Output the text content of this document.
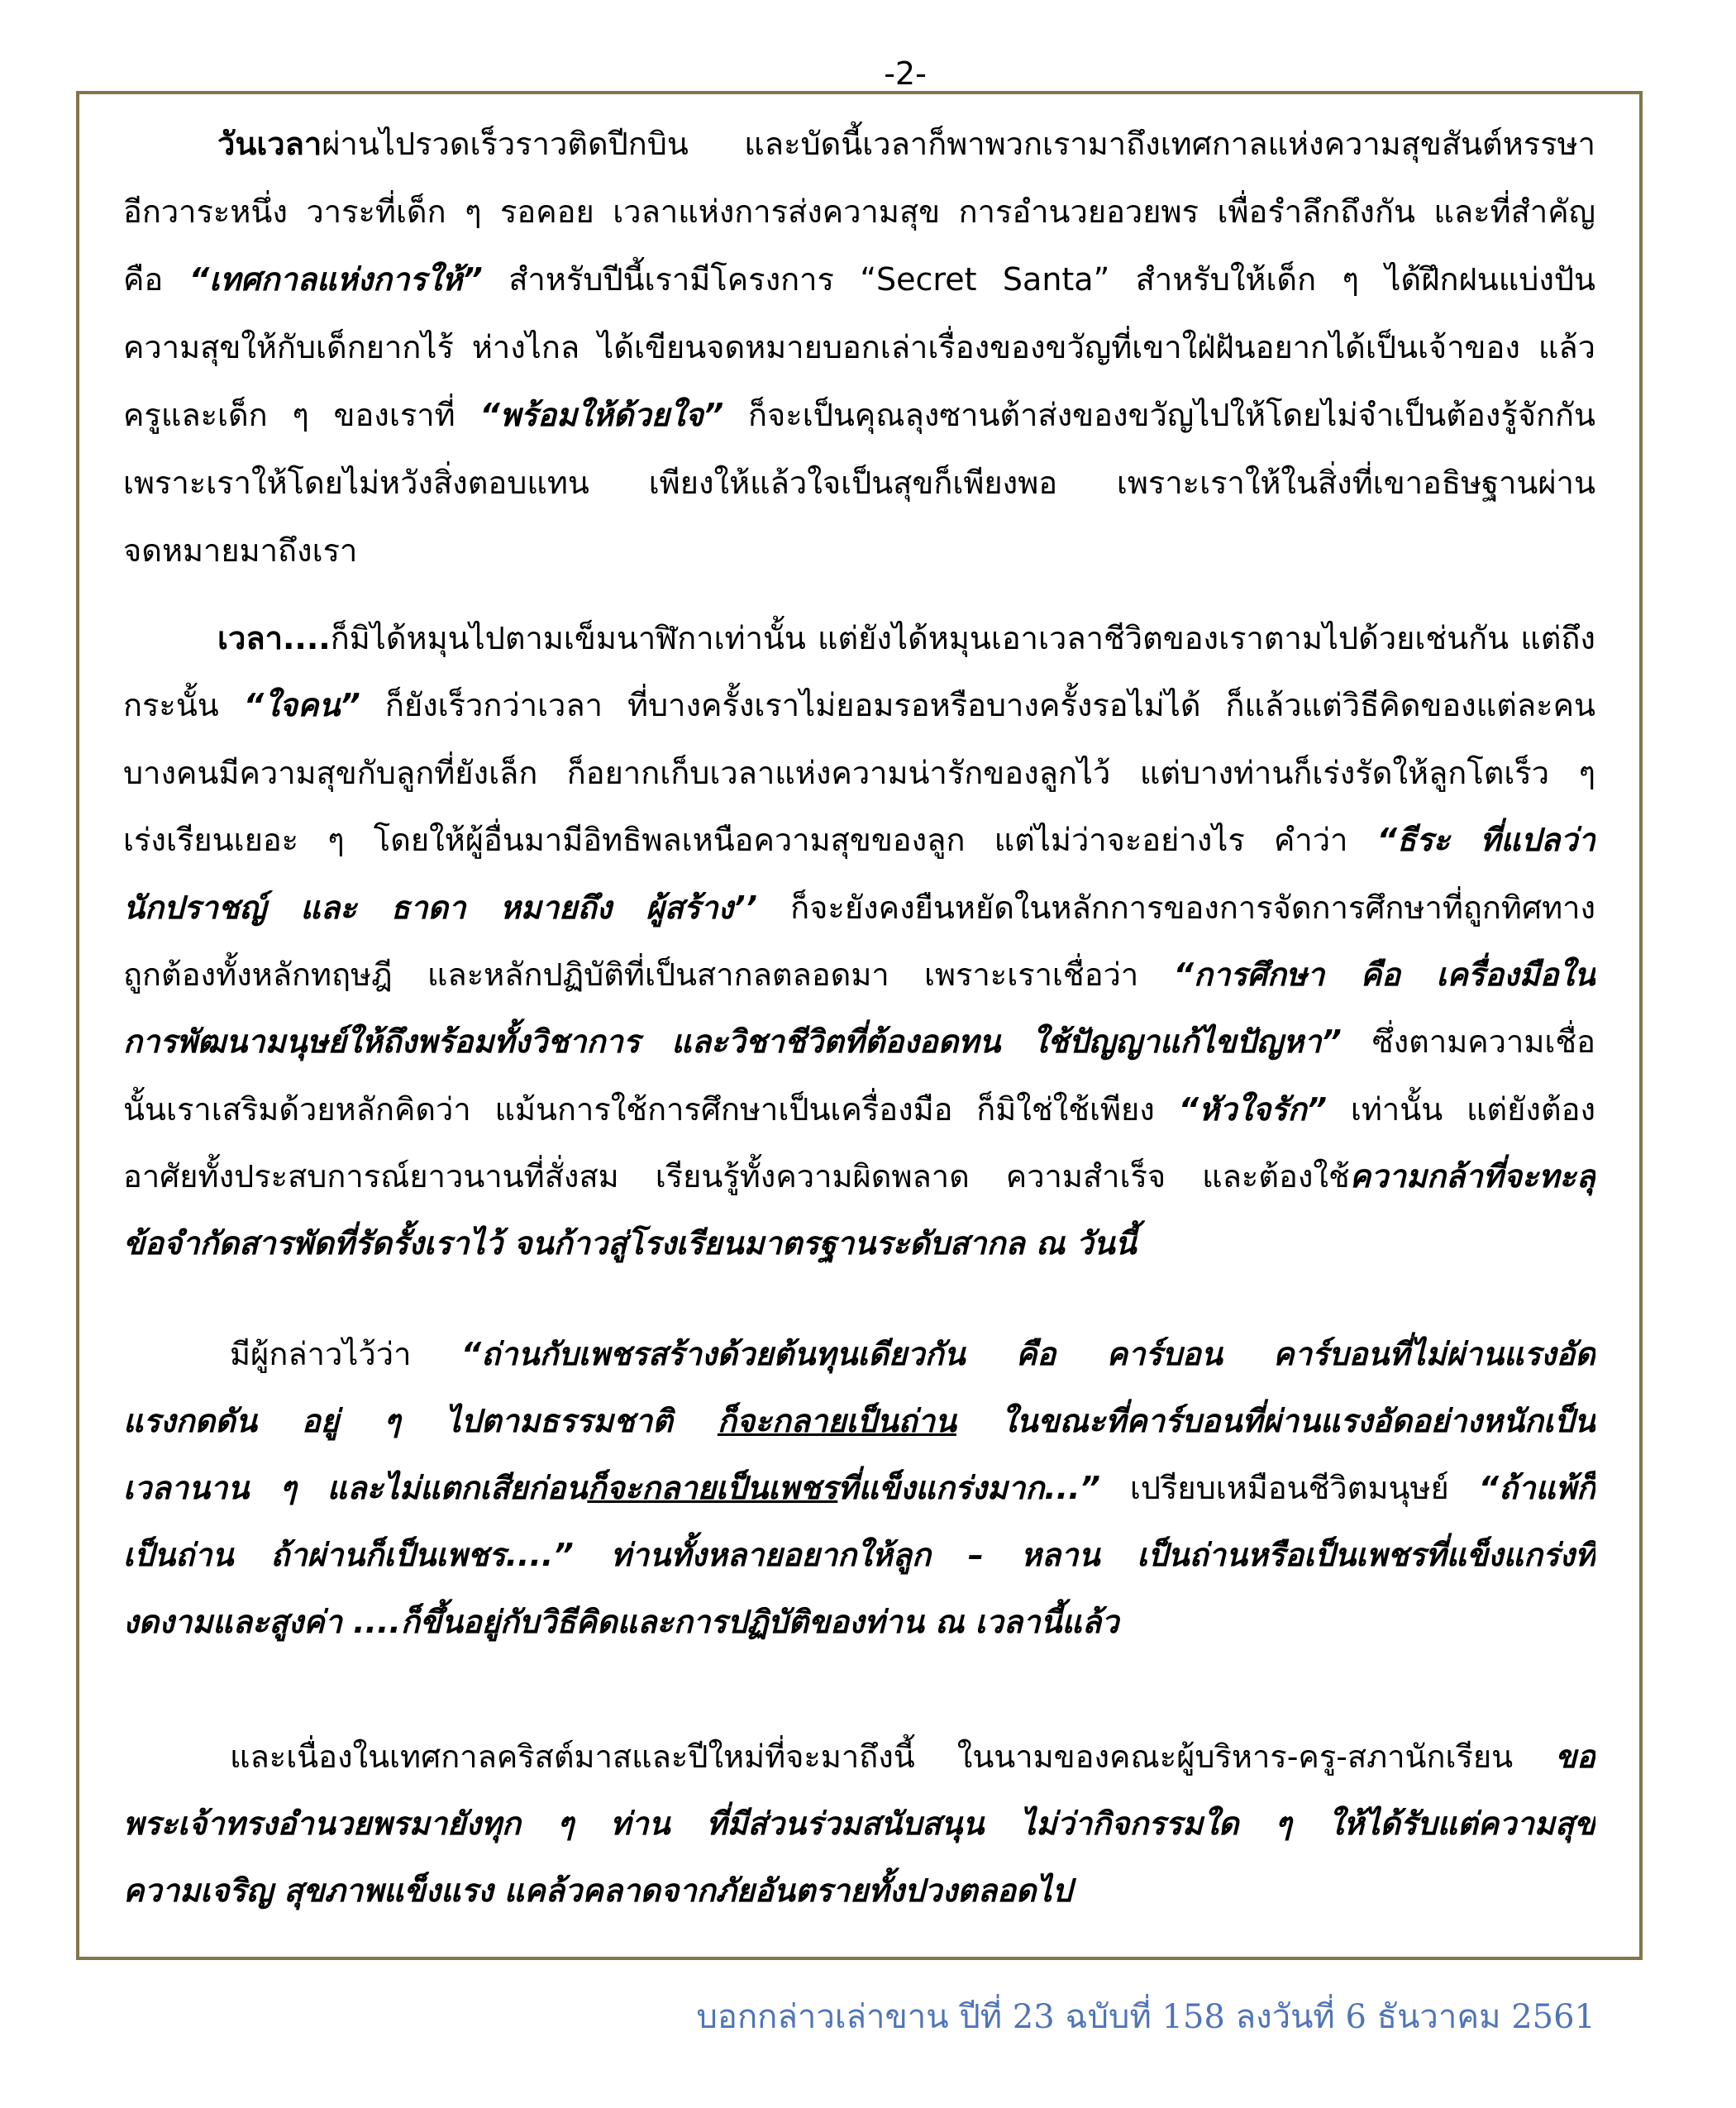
-2-
วันเวลาผ่านไปรวดเร็วราวติดปีกบิน และบัดนี้เวลาก็พาพวกเรามาถึงเทศกาลแห่งความสุขสันต์หรรษา
อีกวาระหนึ่ง วาระที่เด็ก ๆ รอคอย เวลาแห่งการส่งความสุข การอำนวยอวยพร เพื่อรำลึกถึงกัน และที่สำคัญ
คือ “เทศกาลแห่งการให้” สำหรับปีนี้เรามีโครงการ “Secret Santa” สำหรับให้เด็ก ๆ ได้ฝึกฝนแบ่งปัน
ความสุขให้กับเด็กยากไร้ ห่างไกล ได้เขียนจดหมายบอกเล่าเรื่องของขวัญที่เขาใฝ่ฝันอยากได้เป็นเจ้าของ แล้ว
ครูและเด็ก ๆ ของเราที่ “พร้อมให้ด้วยใจ” ก็จะเป็นคุณลุงซานต้าส่งของขวัญไปให้โดยไม่จำเป็นต้องรู้จักกัน
เพราะเราให้โดยไม่หวังสิ่งตอบแทน เพียงให้แล้วใจเป็นสุขก็เพียงพอ เพราะเราให้ในสิ่งที่เขาอธิษฐานผ่าน
จดหมายมาถึงเรา
เวลา....ก็มิได้หมุนไปตามเข็มนาฬิกาเท่านั้น แต่ยังได้หมุนเอาเวลาชีวิตของเราตามไปด้วยเช่นกัน แต่ถึง
กระนั้น “ใจคน” ก็ยังเร็วกว่าเวลา ที่บางครั้งเราไม่ยอมรอหรือบางครั้งรอไม่ได้ ก็แล้วแต่วิธีคิดของแต่ละคน
บางคนมีความสุขกับลูกที่ยังเล็ก ก็อยากเก็บเวลาแห่งความน่ารักของลูกไว้ แต่บางท่านก็เร่งรัดให้ลูกโตเร็ว ๆ
เร่งเรียนเยอะ ๆ โดยให้ผู้อื่นมามีอิทธิพลเหนือความสุขของลูก แต่ไม่ว่าจะอย่างไร คำว่า “ธีระ ที่แปลว่า
นักปราชญ์ และ ธาดา หมายถึง ผู้สร้าง’’ ก็จะยังคงยืนหยัดในหลักการของการจัดการศึกษาที่ถูกทิศทาง
ถูกต้องทั้งหลักทฤษฎี และหลักปฏิบัติที่เป็นสากลตลอดมา เพราะเราเชื่อว่า “การศึกษา คือ เครื่องมือใน
การพัฒนามนุษย์ให้ถึงพร้อมทั้งวิชาการ และวิชาชีวิตที่ต้องอดทน ใช้ปัญญาแก้ไขปัญหา” ซึ่งตามความเชื่อ
นั้นเราเสริมด้วยหลักคิดว่า แม้นการใช้การศึกษาเป็นเครื่องมือ ก็มิใช่ใช้เพียง “หัวใจรัก” เท่านั้น แต่ยังต้อง
อาศัยทั้งประสบการณ์ยาวนานที่สั่งสม เรียนรู้ทั้งความผิดพลาด ความสำเร็จ และต้องใช้ความกล้าที่จะทะลุ
ข้อจำกัดสารพัดที่รัดรั้งเราไว้ จนก้าวสู่โรงเรียนมาตรฐานระดับสากล ณ วันนี้
มีผู้กล่าวไว้ว่า “ถ่านกับเพชรสร้างด้วยต้นทุนเดียวกัน คือ คาร์บอน คาร์บอนที่ไม่ผ่านแรงอัด
แรงกดดัน อยู่ ๆ ไปตามธรรมชาติ ก็จะกลายเป็นถ่าน ในขณะที่คาร์บอนที่ผ่านแรงอัดอย่างหนักเป็น
เวลานาน ๆ และไม่แตกเสียก่อนก็จะกลายเป็นเพชรที่แข็งแกร่งมาก...” เปรียบเหมือนชีวิตมนุษย์ “ถ้าแพ้ก็
เป็นถ่าน ถ้าผ่านก็เป็นเพชร....” ท่านทั้งหลายอยากให้ลูก – หลาน เป็นถ่านหรือเป็นเพชรที่แข็งแกร่งที่
งดงามและสูงค่า ....ก็ขึ้นอยู่กับวิธีคิดและการปฏิบัติของท่าน ณ เวลานี้แล้ว
และเนื่องในเทศกาลคริสต์มาสและปีใหม่ที่จะมาถึงนี้ ในนามของคณะผู้บริหาร-ครู-สภานักเรียน ขอ
พระเจ้าทรงอำนวยพรมายังทุก ๆ ท่าน ที่มีส่วนร่วมสนับสนุน ไม่ว่ากิจกรรมใด ๆ ให้ได้รับแต่ความสุข
ความเจริญ สุขภาพแข็งแรง แคล้วคลาดจากภัยอันตรายทั้งปวงตลอดไป
บอกกล่าวเล่าขาน ปีที่ 23 ฉบับที่ 158 ลงวันที่ 6 ธันวาคม 2561
